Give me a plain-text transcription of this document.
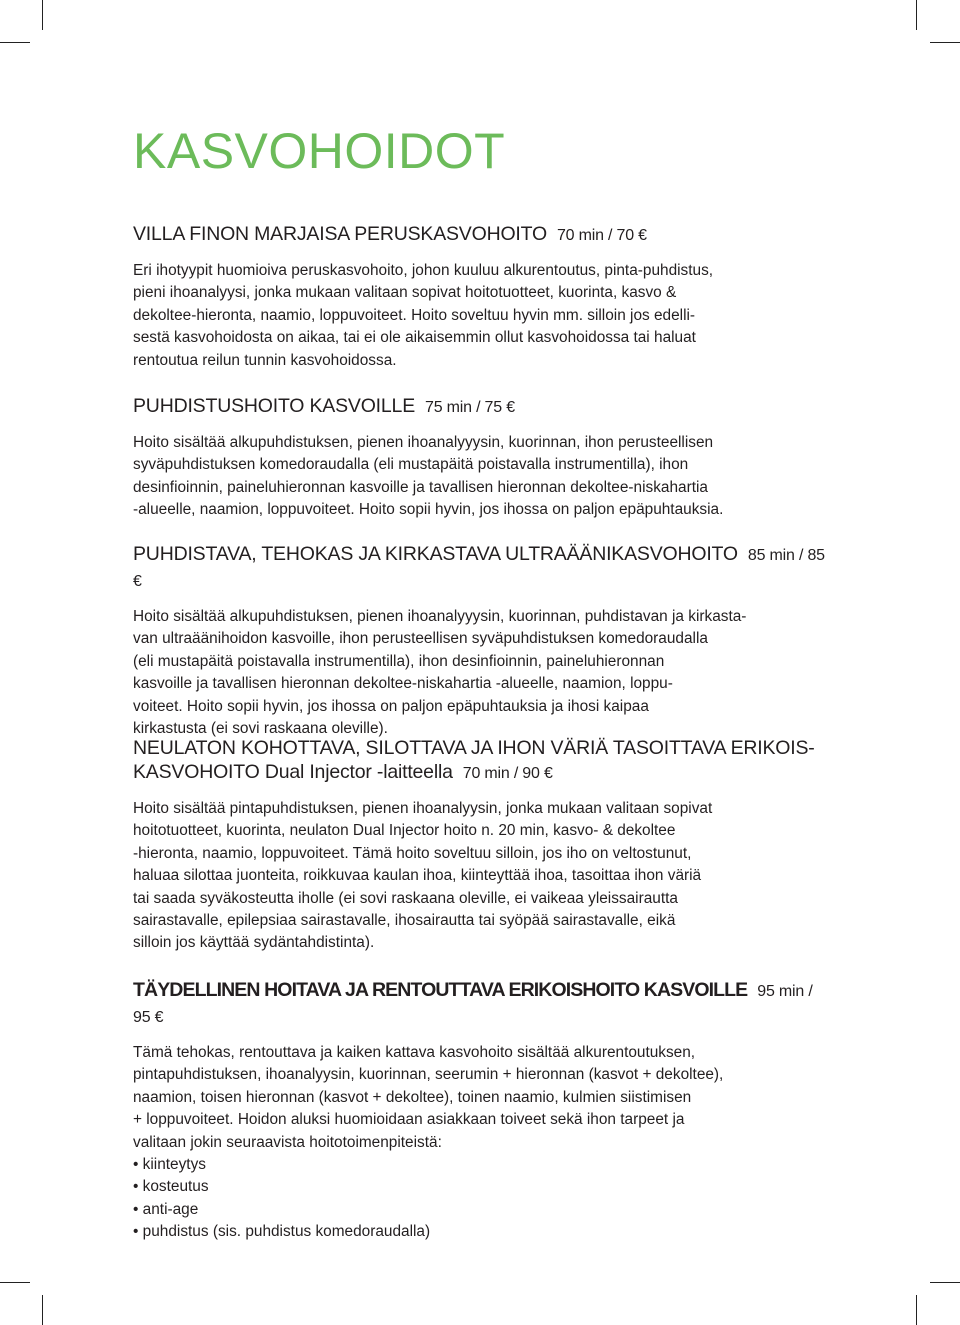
KASVOHOIDOT
VILLA FINON MARJAISA PERUSKASVOHOITO 70 min / 70 €

Eri ihotyypit huomioiva peruskasvohoito, johon kuuluu alkurentoutus, pinta-puhdistus,
pieni ihoanalyysi, jonka mukaan valitaan sopivat hoitotuotteet, kuorinta, kasvo &
dekoltee-hieronta, naamio, loppuvoiteet. Hoito soveltuu hyvin mm. silloin jos edelli-
sestä kasvohoidosta on aikaa, tai ei ole aikaisemmin ollut kasvohoidossa tai haluat
rentoutua reilun tunnin kasvohoidossa.

PUHDISTUSHOITO KASVOILLE 75 min / 75 €

Hoito sisältää alkupuhdistuksen, pienen ihoanalyyysin, kuorinnan, ihon perusteellisen
syväpuhdistuksen komedoraudalla (eli mustapäitä poistavalla instrumentilla), ihon
desinfioinnin, paineluhieronnan kasvoille ja tavallisen hieronnan dekoltee-niskahartia
-alueelle, naamion, loppuvoiteet. Hoito sopii hyvin, jos ihossa on paljon epäpuhtauksia.

PUHDISTAVA, TEHOKAS JA KIRKASTAVA ULTRAÄÄNIKASVOHOITO 85 min / 85 €

Hoito sisältää alkupuhdistuksen, pienen ihoanalyyysin, kuorinnan, puhdistavan ja kirkasta-
van ultraäänihoidon kasvoille, ihon perusteellisen syväpuhdistuksen komedoraudalla
(eli mustapäitä poistavalla instrumentilla), ihon desinfioinnin, paineluhieronnan
kasvoille ja tavallisen hieronnan dekoltee-niskahartia -alueelle, naamion, loppu-
voiteet. Hoito sopii hyvin, jos ihossa on paljon epäpuhtauksia ja ihosi kaipaa
kirkastusta (ei sovi raskaana oleville).

NEULATON KOHOTTAVA, SILOTTAVA JA IHON VÄRIÄ TASOITTAVA ERIKOIS-
KASVOHOITO Dual Injector -laitteella 70 min / 90 €

Hoito sisältää pintapuhdistuksen, pienen ihoanalyysin, jonka mukaan valitaan sopivat
hoitotuotteet, kuorinta, neulaton Dual Injector hoito n. 20 min, kasvo- & dekoltee
-hieronta, naamio, loppuvoiteet. Tämä hoito soveltuu silloin, jos iho on veltostunut,
haluaa silottaa juonteita, roikkuvaa kaulan ihoa, kiinteyttää ihoa, tasoittaa ihon väriä
tai saada syväkosteutta iholle (ei sovi raskaana oleville, ei vaikeaa yleissairautta
sairastavalle, epilepsiaa sairastavalle, ihosairautta tai syöpää sairastavalle, eikä
silloin jos käyttää sydäntahdistinta).

TÄYDELLINEN HOITAVA JA RENTOUTTAVA ERIKOISHOITO KASVOILLE 95 min / 95 €

Tämä tehokas, rentouttava ja kaiken kattava kasvohoito sisältää alkurentoutuksen,
pintapuhdistuksen, ihoanalyysin, kuorinnan, seerumin + hieronnan (kasvot + dekoltee),
naamion, toisen hieronnan (kasvot + dekoltee), toinen naamio, kulmien siistimisen
+ loppuvoiteet. Hoidon aluksi huomioidaan asiakkaan toiveet sekä ihon tarpeet ja
valitaan jokin seuraavista hoitotoimenpiteistä:

• kiinteytys
• kosteutus
• anti-age
• puhdistus (sis. puhdistus komedoraudalla)
